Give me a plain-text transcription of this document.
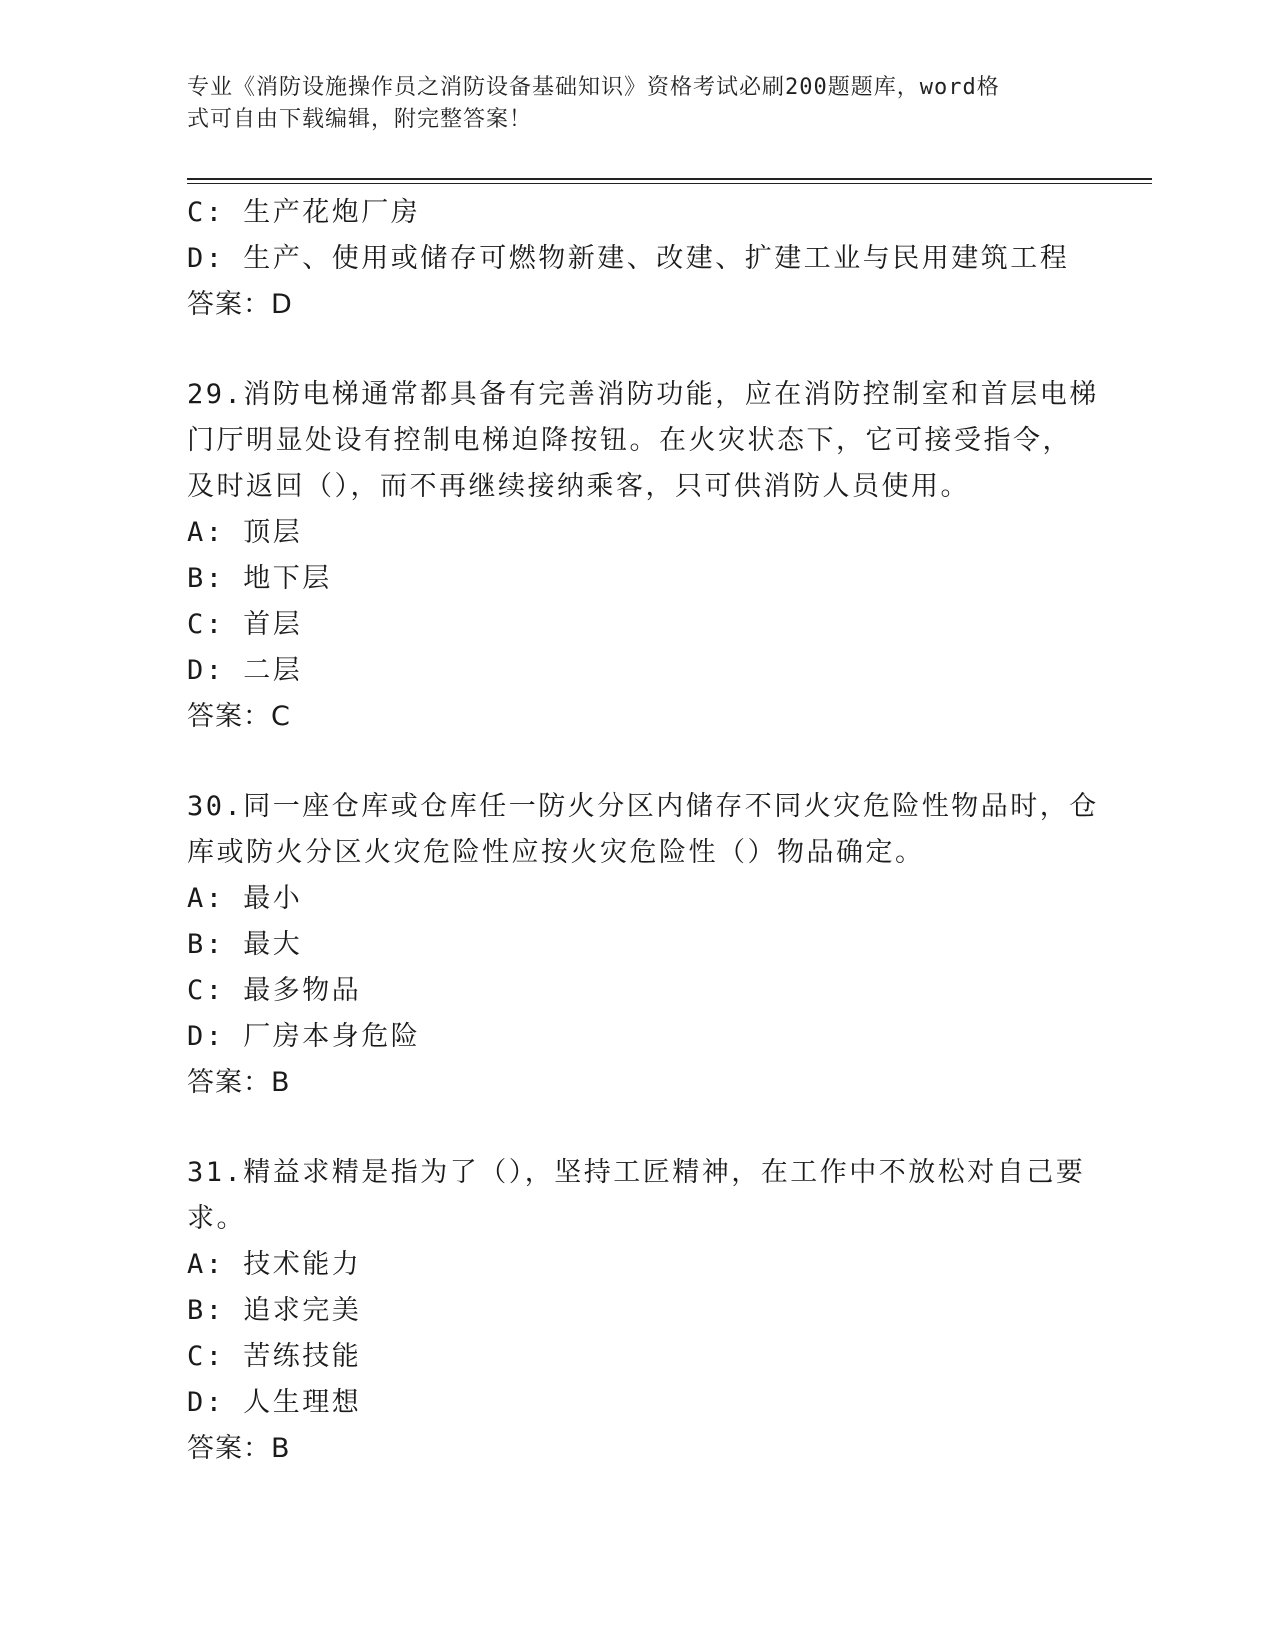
专业《消防设施操作员之消防设备基础知识》资格考试必刷200题题库，word格
式可自由下载编辑，附完整答案！
C: 生产花炮厂房
D: 生产、使用或储存可燃物新建、改建、扩建工业与民用建筑工程
答案：D
29.消防电梯通常都具备有完善消防功能，应在消防控制室和首层电梯
门厅明显处设有控制电梯迫降按钮。在火灾状态下，它可接受指令，
及时返回（），而不再继续接纳乘客，只可供消防人员使用。
A: 顶层
B: 地下层
C: 首层
D: 二层
答案：C
30.同一座仓库或仓库任一防火分区内储存不同火灾危险性物品时，仓
库或防火分区火灾危险性应按火灾危险性（）物品确定。
A: 最小
B: 最大
C: 最多物品
D: 厂房本身危险
答案：B
31.精益求精是指为了（），坚持工匠精神，在工作中不放松对自己要
求。
A: 技术能力
B: 追求完美
C: 苦练技能
D: 人生理想
答案：B
